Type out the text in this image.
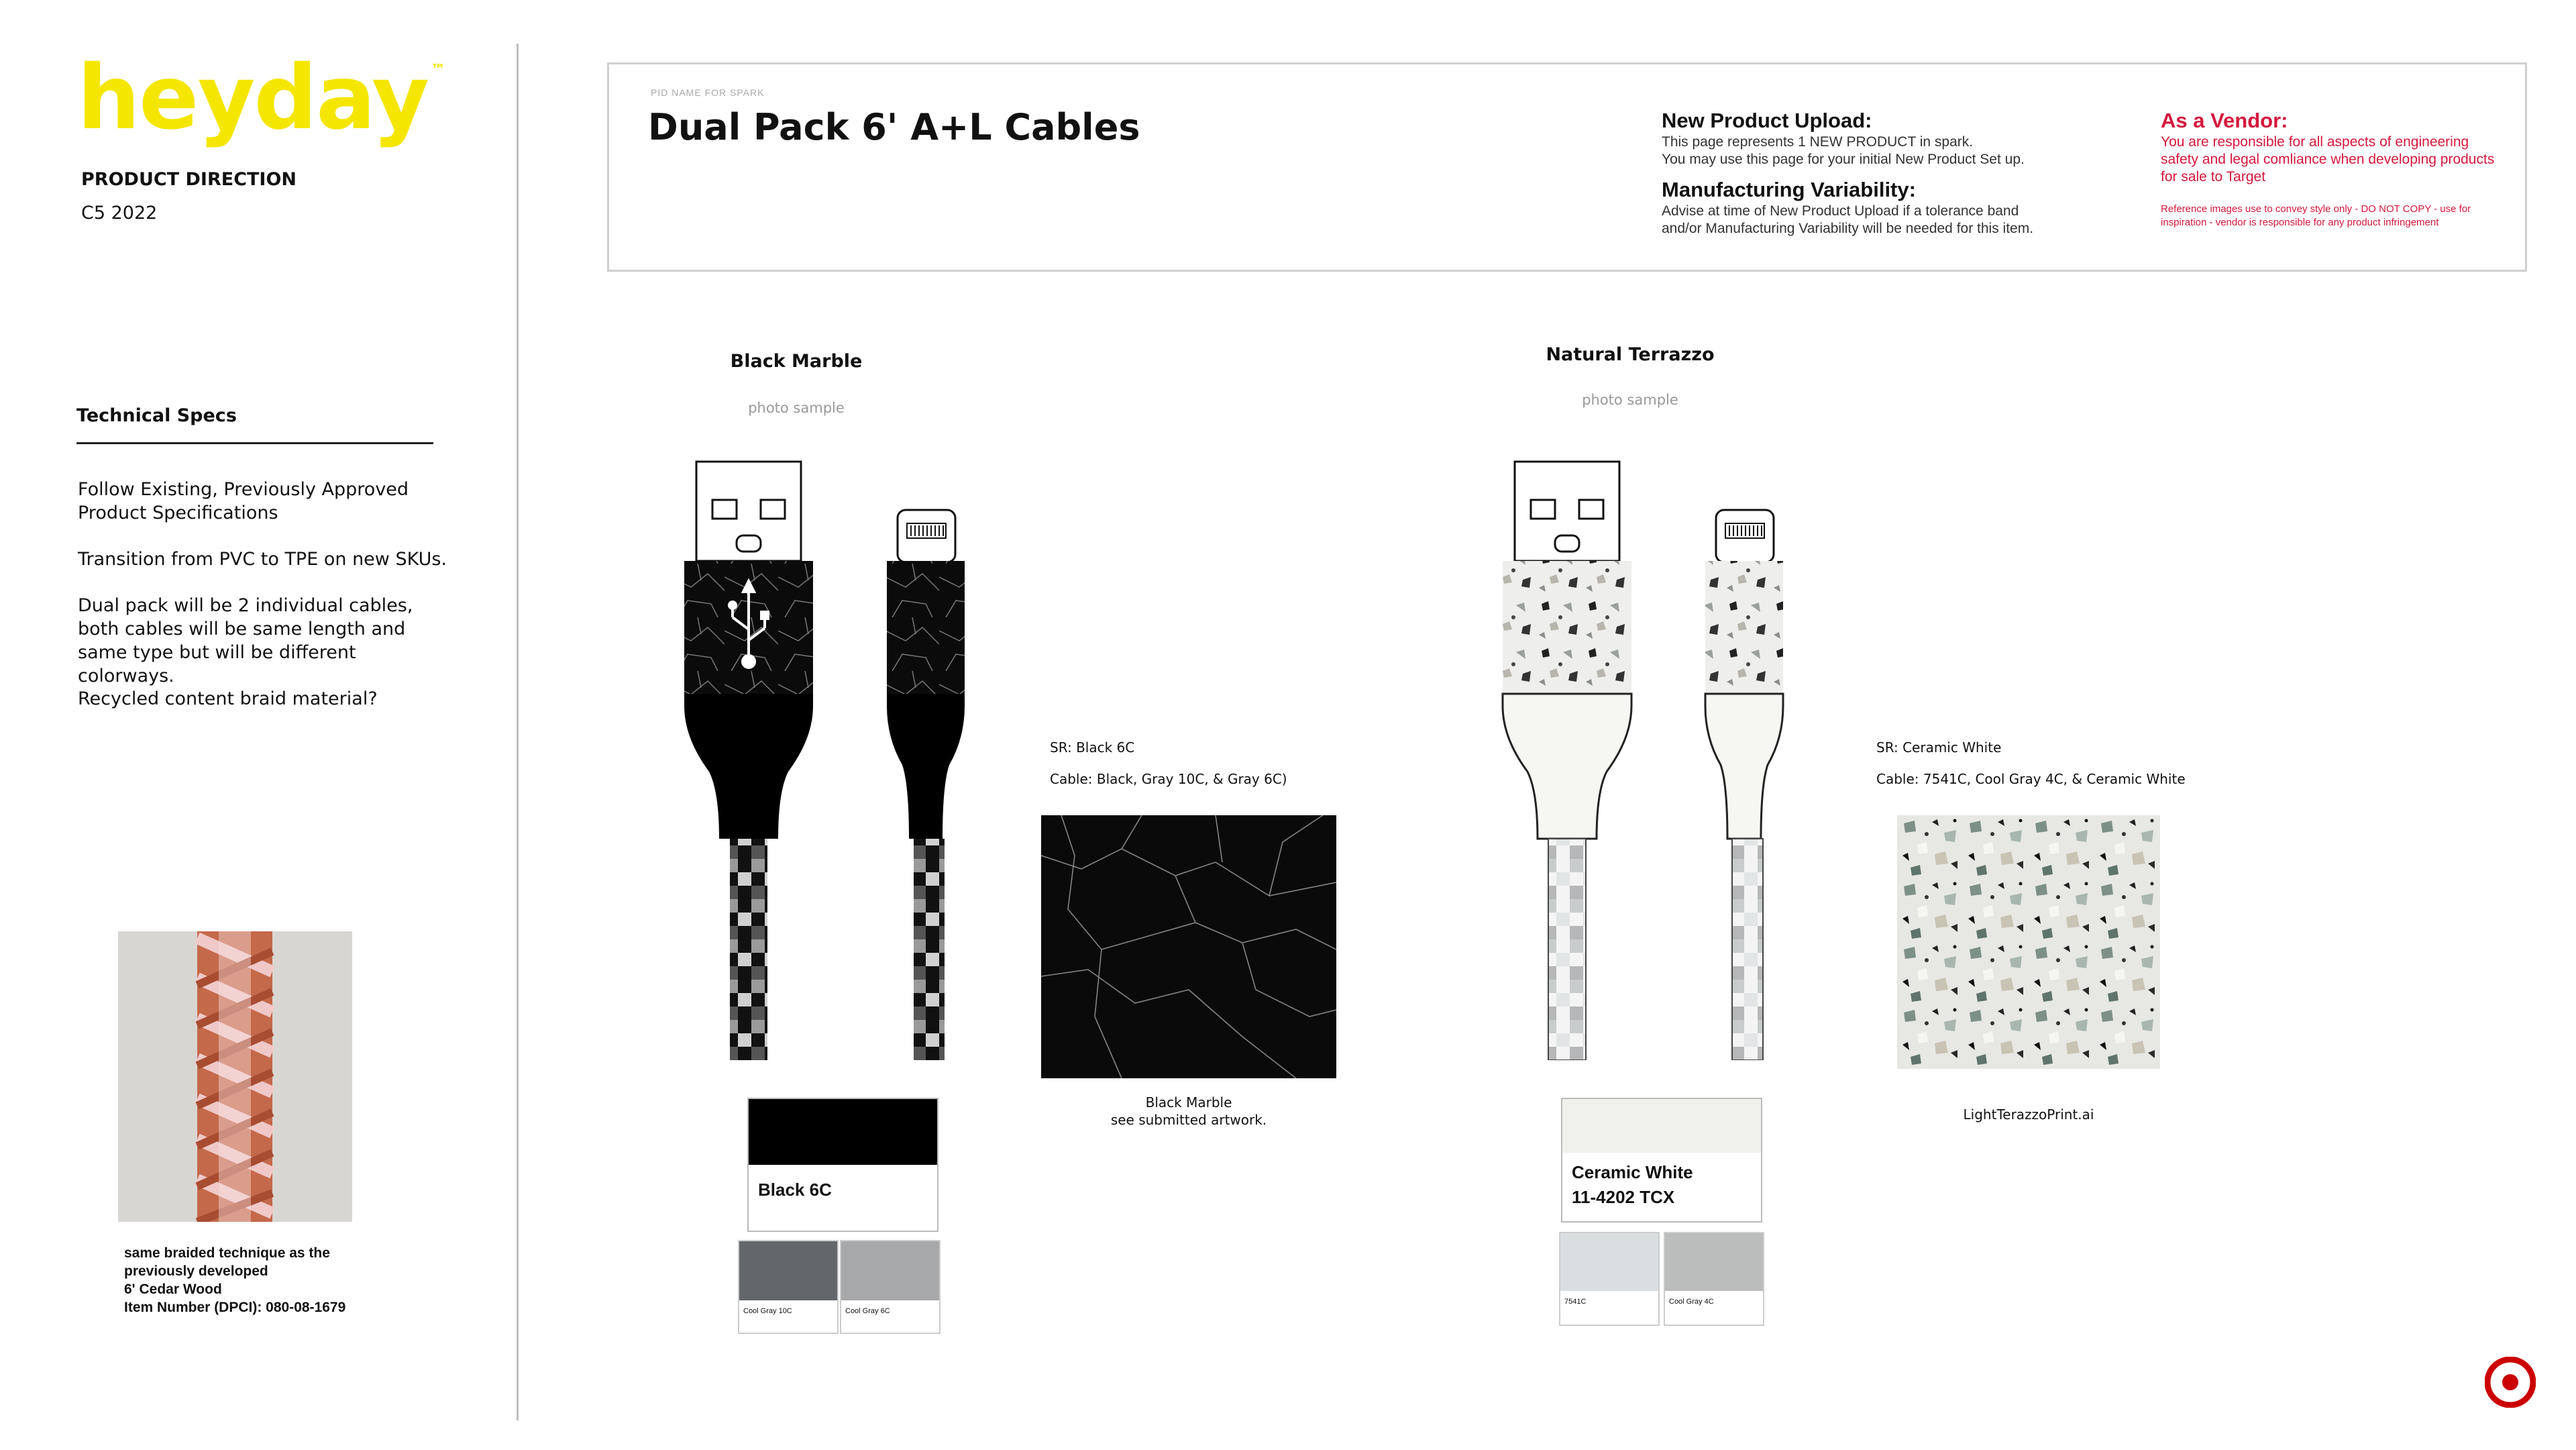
heyday ™
PRODUCT DIRECTION
C5 2022
Technical Specs
Follow Existing, Previously Approved Product Specifications
Transition from PVC to TPE on new SKUs.
Dual pack will be 2 individual cables, both cables will be same length and same type but will be different colorways.
Recycled content braid material?
same braided technique as the
previously developed
6' Cedar Wood
Item Number (DPCI): 080-08-1679
PID NAME FOR SPARK
Dual Pack 6' A+L Cables	New Product Upload:
This page represents 1 NEW PRODUCT in spark.
You may use this page for your initial New Product Set up.
Manufacturing Variability:
Advise at time of New Product Upload if a tolerance band
and/or Manufacturing Variability will be needed for this item.
As a Vendor:
You are responsible for all aspects of engineering safety and legal comliance when developing products for sale to Target
Reference images use to convey style only - DO NOT COPY - use for inspiration - vendor is responsible for any product infringement
Black Marble
photo sample
SR: Black 6C
Cable: Black, Gray 10C, & Gray 6C)
Black Marble
see submitted artwork.
Black 6C
Cool Gray 10C	Cool Gray 6C
Natural Terrazzo
photo sample
SR: Ceramic White
Cable: 7541C, Cool Gray 4C, & Ceramic White
LightTerazzoPrint.ai
Ceramic White
11-4202 TCX
7541C	Cool Gray 4C
